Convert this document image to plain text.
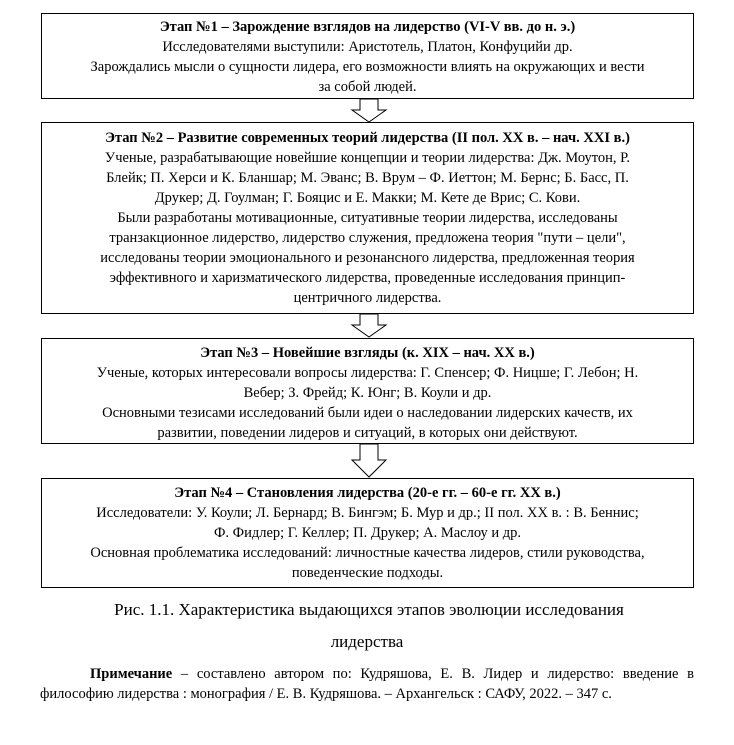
Этап №1 – Зарождение взглядов на лидерство (VI-V вв. до н. э.)
Исследователями выступили: Аристотель, Платон, Конфуцийи др.
Зарождались мысли о сущности лидера, его возможности влиять на окружающих и вести
за собой людей.
Этап №2 – Развитие современных теорий лидерства (II пол. XX в. – нач. XXI в.)
Ученые, разрабатывающие новейшие концепции и теории лидерства: Дж. Моутон, Р.
Блейк; П. Херси и К. Бланшар; М. Эванс; В. Врум – Ф. Иеттон; М. Бернс; Б. Басс, П.
Друкер; Д. Гоулман; Г. Бояцис и Е. Макки; М. Кете де Врис; С. Кови.
Были разработаны мотивационные, ситуативные теории лидерства, исследованы
транзакционное лидерство, лидерство служения, предложена теория "пути – цели",
исследованы теории эмоционального и резонансного лидерства, предложенная теория
эффективного и харизматического лидерства, проведенные исследования принцип-
центричного лидерства.
Этап №3 – Новейшие взгляды (к. XIX – нач. XX в.)
Ученые, которых интересовали вопросы лидерства: Г. Спенсер; Ф. Ницше; Г. Лебон; Н.
Вебер; З. Фрейд; К. Юнг; В. Коули и др.
Основными тезисами исследований были идеи о наследовании лидерских качеств, их
развитии, поведении лидеров и ситуаций, в которых они действуют.
Этап №4 – Становления лидерства (20-е гг. – 60-е гг. XX в.)
Исследователи: У. Коули; Л. Бернард; В. Бингэм; Б. Мур и др.; II пол. XX в. : В. Беннис;
Ф. Фидлер; Г. Келлер; П. Друкер; А. Маслоу и др.
Основная проблематика исследований: личностные качества лидеров, стили руководства,
поведенческие подходы.
Рис. 1.1. Характеристика выдающихся этапов эволюции исследования
лидерства
Примечание – составлено автором по: Кудряшова, Е. В. Лидер и лидерство: введение в философию лидерства : монография / Е. В. Кудряшова. – Архангельск : САФУ, 2022. – 347 с.
